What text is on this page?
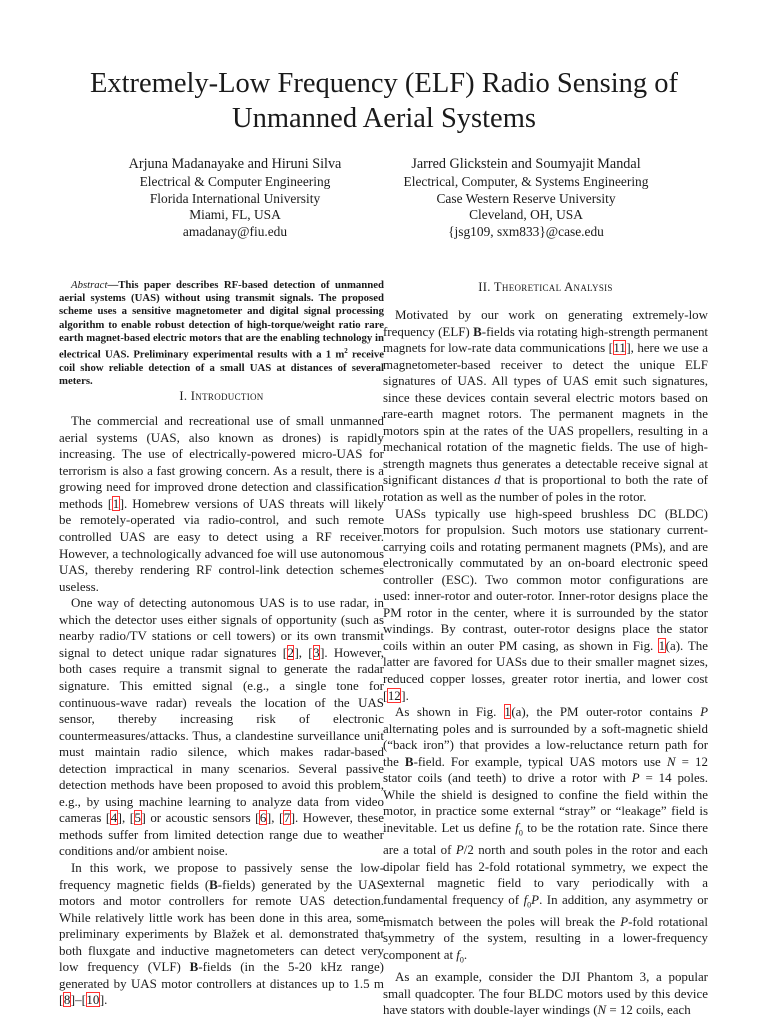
Extremely-Low Frequency (ELF) Radio Sensing of
Unmanned Aerial Systems
Arjuna Madanayake and Hiruni Silva
Electrical & Computer Engineering
Florida International University
Miami, FL, USA
amadanay@fiu.edu
Jarred Glickstein and Soumyajit Mandal
Electrical, Computer, & Systems Engineering
Case Western Reserve University
Cleveland, OH, USA
{jsg109, sxm833}@case.edu

Abstract—This paper describes RF-based detection of unmanned aerial systems (UAS) without using transmit signals. The proposed scheme uses a sensitive magnetometer and digital signal processing algorithm to enable robust detection of high-torque/weight ratio rare earth magnet-based electric motors that are the enabling technology in electrical UAS. Preliminary experimental results with a 1 $m^2$ receive coil show reliable detection of a small UAS at distances of several meters.

I. Introduction

The commercial and recreational use of small unmanned aerial systems (UAS, also known as drones) is rapidly increasing. The use of electrically-powered micro-UAS for terrorism is also a fast growing concern. As a result, there is a growing need for improved drone detection and classification methods [1]. Homebrew versions of UAS threats will likely be remotely-operated via radio-control, and such remote controlled UAS are easy to detect using a RF receiver. However, a technologically advanced foe will use autonomous UAS, thereby rendering RF control-link detection schemes useless.

One way of detecting autonomous UAS is to use radar, in which the detector uses either signals of opportunity (such as nearby radio/TV stations or cell towers) or its own transmit signal to detect unique radar signatures [2], [3]. However, both cases require a transmit signal to generate the radar signature. This emitted signal (e.g., a single tone for continuous-wave radar) reveals the location of the UAS sensor, thereby increasing risk of electronic countermeasures/attacks. Thus, a clandestine surveillance unit must maintain radio silence, which makes radar-based detection impractical in many scenarios. Several passive detection methods have been proposed to avoid this problem, e.g., by using machine learning to analyze data from video cameras [4], [5] or acoustic sensors [6], [7]. However, these methods suffer from limited detection range due to weather conditions and/or ambient noise.

In this work, we propose to passively sense the low-frequency magnetic fields (B-fields) generated by the UAS motors and motor controllers for remote UAS detection. While relatively little work has been done in this area, some preliminary experiments by Blažek et al. demonstrated that both fluxgate and inductive magnetometers can detect very low frequency (VLF) B-fields (in the 5-20 kHz range) generated by UAS motor controllers at distances up to 1.5 m [8]–[10].

II. Theoretical Analysis

Motivated by our work on generating extremely-low frequency (ELF) B-fields via rotating high-strength permanent magnets for low-rate data communications [11], here we use a magnetometer-based receiver to detect the unique ELF signatures of UAS. All types of UAS emit such signatures, since these devices contain several electric motors based on rare-earth magnet rotors. The permanent magnets in the motors spin at the rates of the UAS propellers, resulting in a mechanical rotation of the magnetic fields. The use of high-strength magnets thus generates a detectable receive signal at significant distances d that is proportional to both the rate of rotation as well as the number of poles in the rotor.

UASs typically use high-speed brushless DC (BLDC) motors for propulsion. Such motors use stationary current-carrying coils and rotating permanent magnets (PMs), and are electronically commutated by an on-board electronic speed controller (ESC). Two common motor configurations are used: inner-rotor and outer-rotor. Inner-rotor designs place the PM rotor in the center, where it is surrounded by the stator windings. By contrast, outer-rotor designs place the stator coils within an outer PM casing, as shown in Fig. 1(a). The latter are favored for UASs due to their smaller magnet sizes, reduced copper losses, greater rotor inertia, and lower cost [12].

As shown in Fig. 1(a), the PM outer-rotor contains P alternating poles and is surrounded by a soft-magnetic shield (“back iron”) that provides a low-reluctance return path for the B-field. For example, typical UAS motors use N = 12 stator coils (and teeth) to drive a rotor with P = 14 poles. While the shield is designed to confine the field within the motor, in practice some external “stray” or “leakage” field is inevitable. Let us define $f_0$ to be the rotation rate. Since there are a total of P/2 north and south poles in the rotor and each dipolar field has 2-fold rotational symmetry, we expect the external magnetic field to vary periodically with a fundamental frequency of $f_0P$. In addition, any asymmetry or mismatch between the poles will break the P-fold rotational symmetry of the system, resulting in a lower-frequency component at $f_0$.

As an example, consider the DJI Phantom 3, a popular small quadcopter. The four BLDC motors used by this device have stators with double-layer windings (N = 12 coils, each
